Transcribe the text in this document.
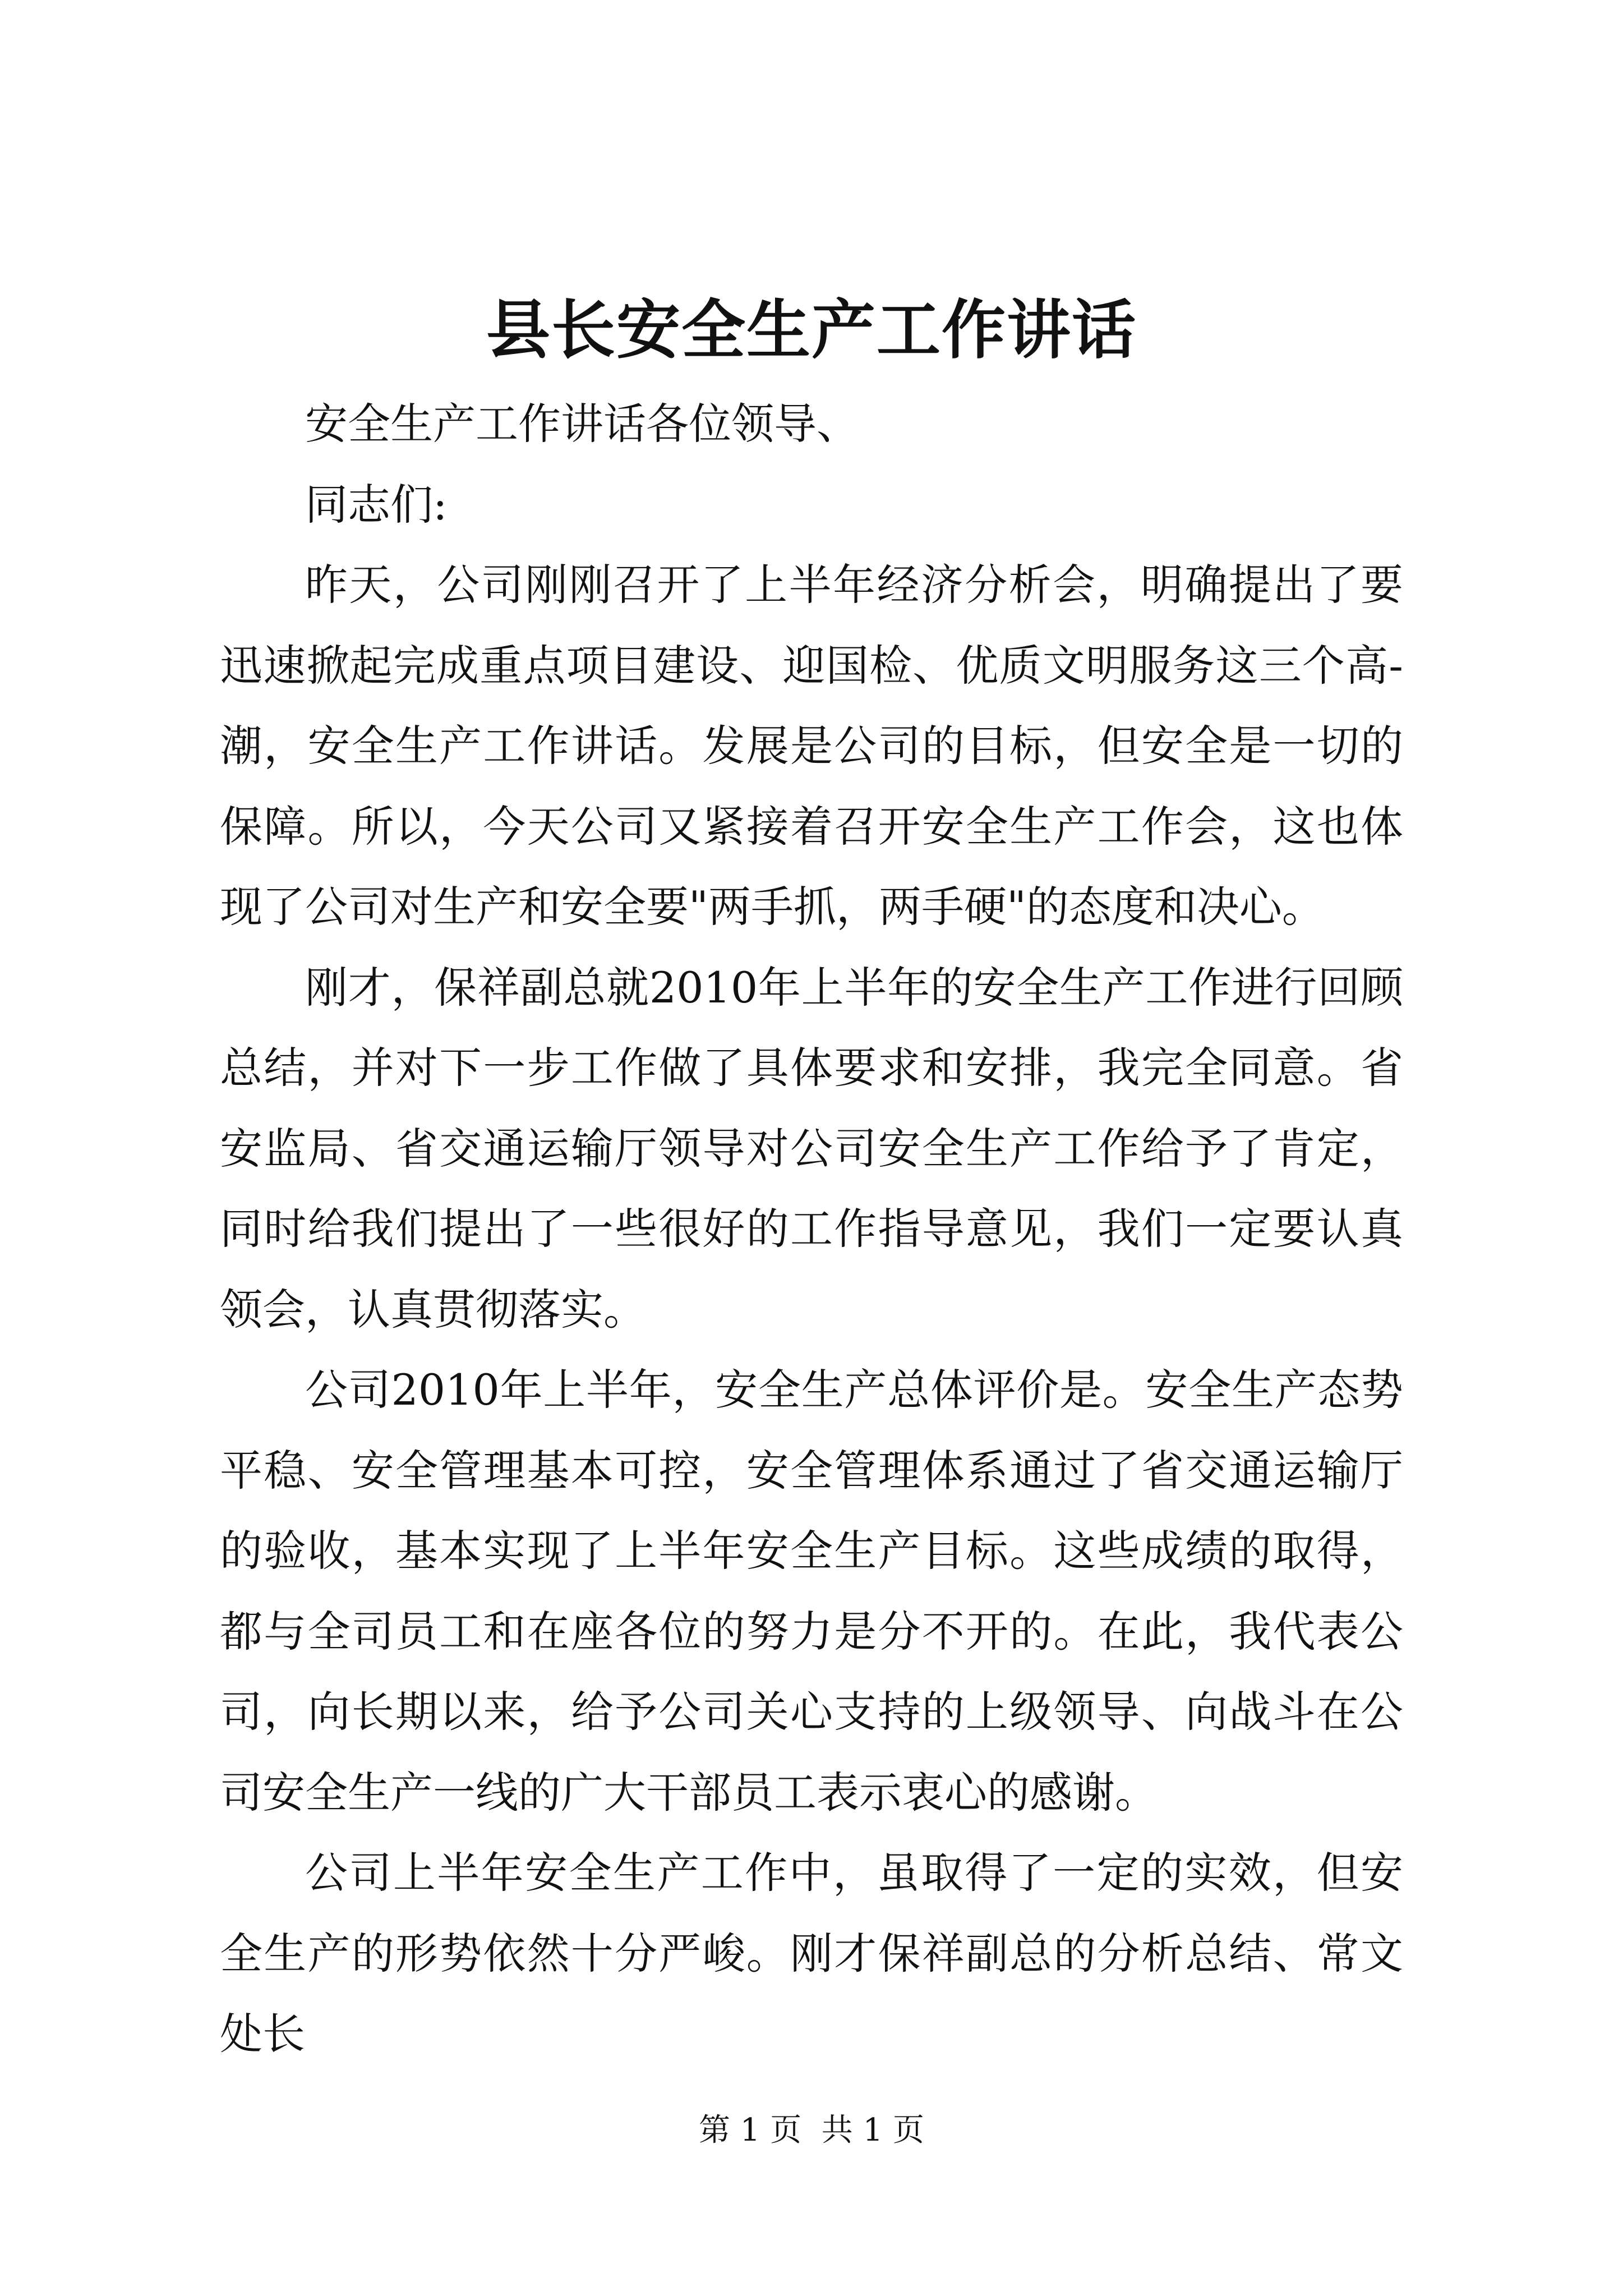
县长安全生产工作讲话

安全生产工作讲话各位领导、

同志们:

昨天，公司刚刚召开了上半年经济分析会，明确提出了要迅速掀起完成重点项目建设、迎国检、优质文明服务这三个高-潮，安全生产工作讲话。发展是公司的目标，但安全是一切的保障。所以，今天公司又紧接着召开安全生产工作会，这也体现了公司对生产和安全要"两手抓，两手硬"的态度和决心。

刚才，保祥副总就2010年上半年的安全生产工作进行回顾总结，并对下一步工作做了具体要求和安排，我完全同意。省安监局、省交通运输厅领导对公司安全生产工作给予了肯定，同时给我们提出了一些很好的工作指导意见，我们一定要认真领会，认真贯彻落实。

公司2010年上半年，安全生产总体评价是。安全生产态势平稳、安全管理基本可控，安全管理体系通过了省交通运输厅的验收，基本实现了上半年安全生产目标。这些成绩的取得，都与全司员工和在座各位的努力是分不开的。在此，我代表公司，向长期以来，给予公司关心支持的上级领导、向战斗在公司安全生产一线的广大干部员工表示衷心的感谢。

公司上半年安全生产工作中，虽取得了一定的实效，但安全生产的形势依然十分严峻。刚才保祥副总的分析总结、常文处长

第 1 页  共 1 页
